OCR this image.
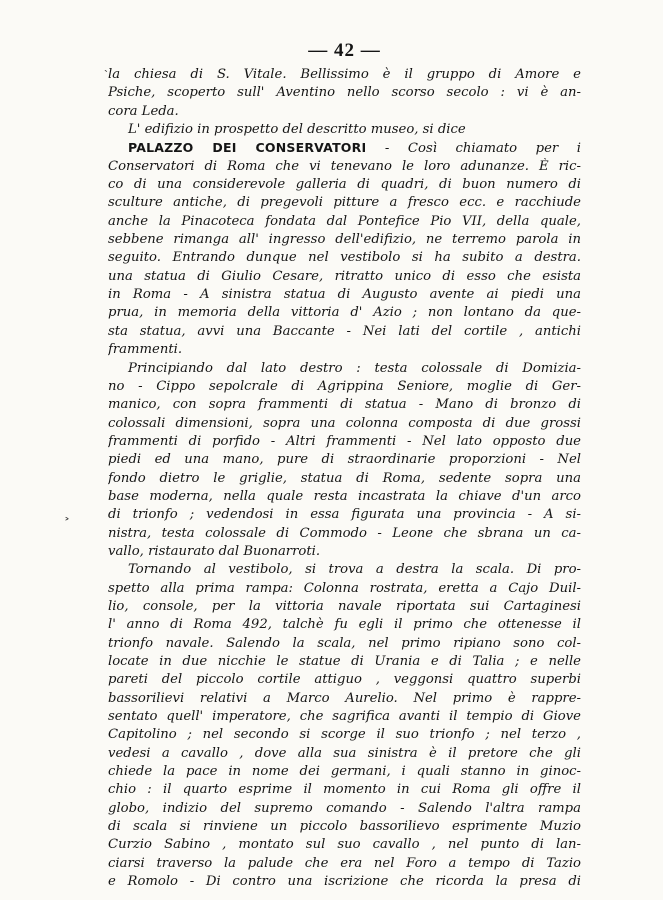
— 42 —
la chiesa di S. Vitale. Bellissimo è il gruppo di Amore e
Psiche, scoperto sull' Aventino nello scorso secolo : vi è an-
cora Leda.
L' edifizio in prospetto del descritto museo, si dice
PALAZZO DEI CONSERVATORI - Così chiamato per i
Conservatori di Roma che vi tenevano le loro adunanze. È ric-
co di una considerevole galleria di quadri, di buon numero di
sculture antiche, di pregevoli pitture a fresco ecc. e racchiude
anche la Pinacoteca fondata dal Pontefice Pio VII, della quale,
sebbene rimanga all' ingresso dell'edifizio, ne terremo parola in
seguito. Entrando dunque nel vestibolo si ha subito a destra.
una statua di Giulio Cesare, ritratto unico di esso che esista
in Roma - A sinistra statua di Augusto avente ai piedi una
prua, in memoria della vittoria d' Azio ; non lontano da que-
sta statua, avvi una Baccante - Nei lati del cortile , antichi
frammenti.
Principiando dal lato destro : testa colossale di Domizia-
no - Cippo sepolcrale di Agrippina Seniore, moglie di Ger-
manico, con sopra frammenti di statua - Mano di bronzo di
colossali dimensioni, sopra una colonna composta di due grossi
frammenti di porfido - Altri frammenti - Nel lato opposto due
piedi ed una mano, pure di straordinarie proporzioni - Nel
fondo dietro le griglie, statua di Roma, sedente sopra una
base moderna, nella quale resta incastrata la chiave d'un arco
di trionfo ; vedendosi in essa figurata una provincia - A si-
nistra, testa colossale di Commodo - Leone che sbrana un ca-
vallo, ristaurato dal Buonarroti.
Tornando al vestibolo, si trova a destra la scala. Di pro-
spetto alla prima rampa: Colonna rostrata, eretta a Cajo Duil-
lio, console, per la vittoria navale riportata sui Cartaginesi
l' anno di Roma 492, talchè fu egli il primo che ottenesse il
trionfo navale. Salendo la scala, nel primo ripiano sono col-
locate in due nicchie le statue di Urania e di Talia ; e nelle
pareti del piccolo cortile attiguo , veggonsi quattro superbi
bassorilievi relativi a Marco Aurelio. Nel primo è rappre-
sentato quell' imperatore, che sagrifica avanti il tempio di Giove
Capitolino ; nel secondo si scorge il suo trionfo ; nel terzo ,
vedesi a cavallo , dove alla sua sinistra è il pretore che gli
chiede la pace in nome dei germani, i quali stanno in ginoc-
chio : il quarto esprime il momento in cui Roma gli offre il
globo, indizio del supremo comando - Salendo l'altra rampa
di scala si rinviene un piccolo bassorilievo esprimente Muzio
Curzio Sabino , montato sul suo cavallo , nel punto di lan-
ciarsi traverso la palude che era nel Foro a tempo di Tazio
e Romolo - Di contro una iscrizione che ricorda la presa di
˴
˃
